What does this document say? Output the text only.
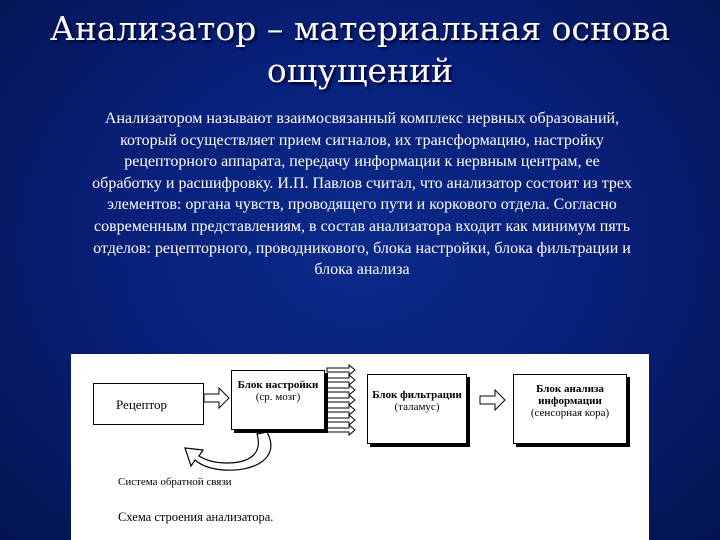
Анализатор – материальная основа ощущений
Анализатором называют взаимосвязанный комплекс нервных образований, который осуществляет прием сигналов, их трансформацию, настройку рецепторного аппарата, передачу информации к нервным центрам, ее обработку и расшифровку. И.П. Павлов считал, что анализатор состоит из трех элементов: органа чувств, проводящего пути и коркового отдела. Согласно современным представлениям, в состав анализатора входит как минимум пять отделов: рецепторного, проводникового, блока настройки, блока фильтрации и блока анализа
Рецептор
Блок настройки
(ср. мозг)	Блок фильтрации
(таламус)
Блок анализа информации
(сенсорная кора)
Система обратной связи
Схема строения анализатора.
